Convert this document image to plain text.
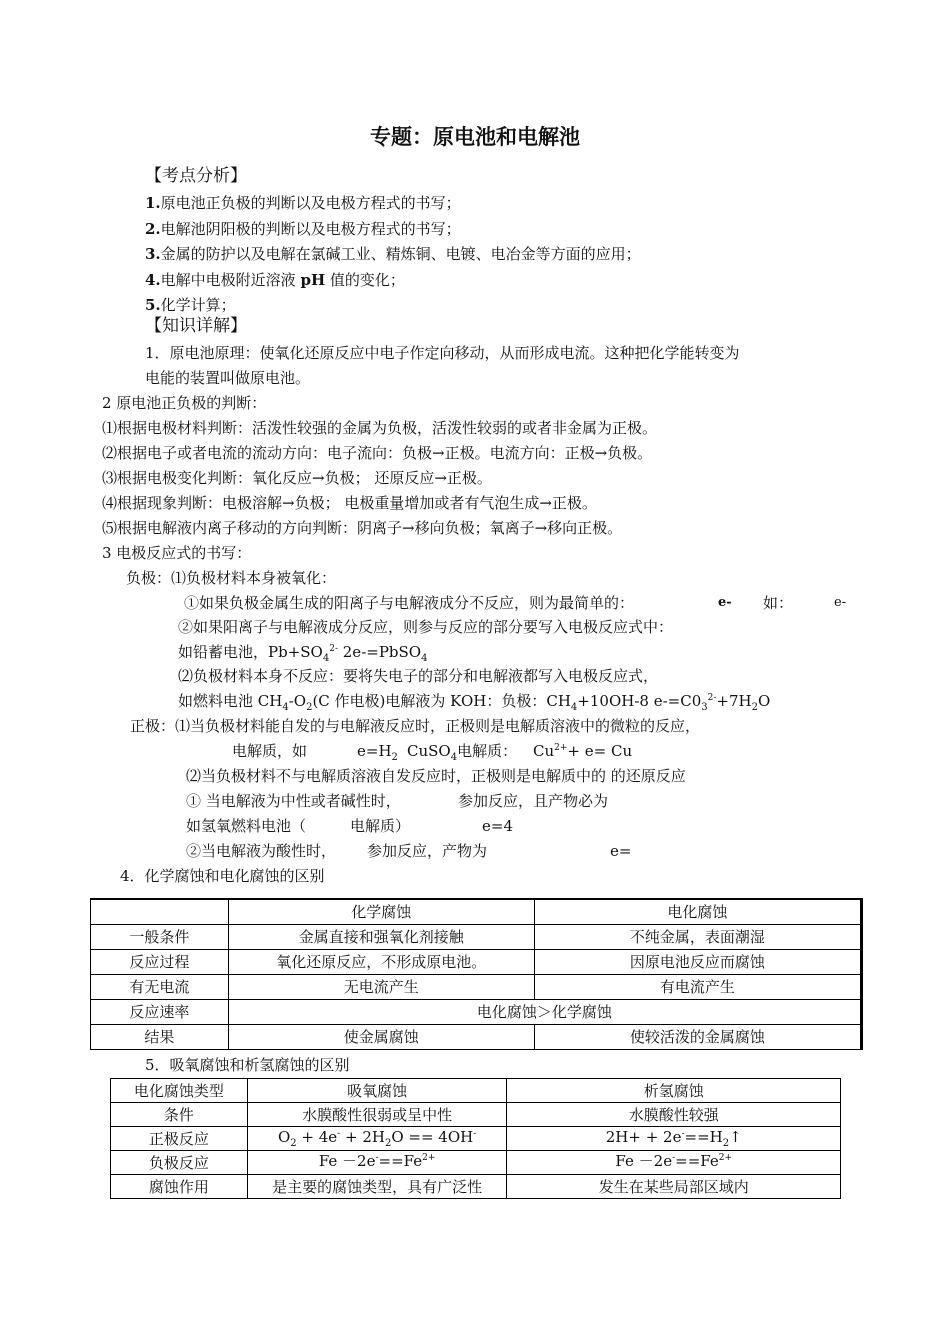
专题：原电池和电解池
【考点分析】
1.原电池正负极的判断以及电极方程式的书写；
2.电解池阴阳极的判断以及电极方程式的书写；
3.金属的防护以及电解在氯碱工业、精炼铜、电镀、电冶金等方面的应用；
4.电解中电极附近溶液 pH 值的变化；
5.化学计算；
【知识详解】
1．原电池原理：使氧化还原反应中电子作定向移动，从而形成电流。这种把化学能转变为
电能的装置叫做原电池。
2 原电池正负极的判断：
⑴根据电极材料判断：活泼性较强的金属为负极，活泼性较弱的或者非金属为正极。
⑵根据电子或者电流的流动方向：电子流向：负极→正极。电流方向：正极→负极。
⑶根据电极变化判断：氧化反应→负极； 还原反应→正极。
⑷根据现象判断：电极溶解→负极； 电极重量增加或者有气泡生成→正极。
⑸根据电解液内离子移动的方向判断：阴离子→移向负极；氧离子→移向正极。
3 电极反应式的书写：
负极：⑴负极材料本身被氧化：
①如果负极金属生成的阳离子与电解液成分不反应，则为最简单的：	e- 如：	e-
②如果阳离子与电解液成分反应，则参与反应的部分要写入电极反应式中：
如铅蓄电池，$Pb+SO_4^{2-}$ 2e-=PbSO$_4$
⑵负极材料本身不反应：要将失电子的部分和电解液都写入电极反应式，
如燃料电池 $CH_4-O_2(C$ 作电极)电解液为 KOH：负极：$CH_4+10OH-8$ $e-=C0_3^{2-}+7H_2O$
正极：⑴当负极材料能自发的与电解液反应时，正极则是电解质溶液中的微粒的反应，
电解质，如	$e=H_2$ CuSO$_4$电解质： $Cu^{2+}+ e= Cu$
⑵当负极材料不与电解质溶液自发反应时，正极则是电解质中的 的还原反应
① 当电解液为中性或者碱性时，	参加反应，且产物必为
如氢氧燃料电池（	电解质）	e=4
②当电解液为酸性时， 参加反应，产物为	e=
4．化学腐蚀和电化腐蚀的区别
	化学腐蚀	电化腐蚀
一般条件	金属直接和强氧化剂接触	不纯金属，表面潮湿
反应过程	氧化还原反应，不形成原电池。	因原电池反应而腐蚀
有无电流	无电流产生	有电流产生
反应速率	电化腐蚀＞化学腐蚀	
结果	使金属腐蚀	使较活泼的金属腐蚀
5．吸氧腐蚀和析氢腐蚀的区别
电化腐蚀类型	吸氧腐蚀	析氢腐蚀
条件	水膜酸性很弱或呈中性	水膜酸性较强
正极反应	$O_2 + 4e^- + 2H_2O == 4OH^-$	$2H+ + 2e^-==H_2↑$
负极反应	$Fe -2e^-==Fe^{2+}$	$Fe -2e^-==Fe^{2+}$
腐蚀作用	是主要的腐蚀类型，具有广泛性	发生在某些局部区域内
